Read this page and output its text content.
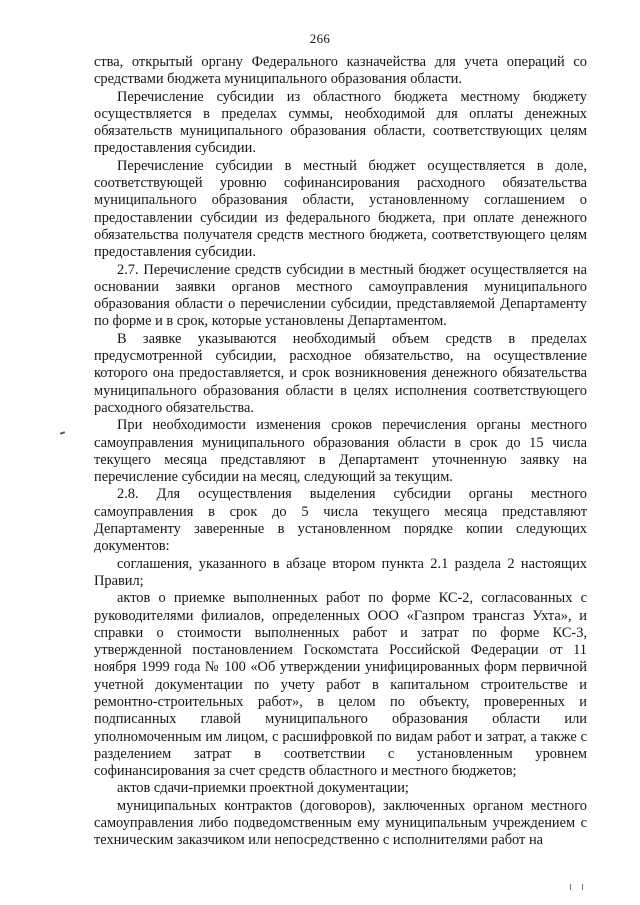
266

ства, открытый органу Федерального казначейства для учета операций со средствами бюджета муниципального образования области.

Перечисление субсидии из областного бюджета местному бюджету осуществляется в пределах суммы, необходимой для оплаты денежных обязательств муниципального образования области, соответствующих целям предоставления субсидии.

Перечисление субсидии в местный бюджет осуществляется в доле, соответствующей уровню софинансирования расходного обязательства муниципального образования области, установленному соглашением о предоставлении субсидии из федерального бюджета, при оплате денежного обязательства получателя средств местного бюджета, соответствующего целям предоставления субсидии.

2.7. Перечисление средств субсидии в местный бюджет осуществляется на основании заявки органов местного самоуправления муниципального образования области о перечислении субсидии, представляемой Департаменту по форме и в срок, которые установлены Департаментом.

В заявке указываются необходимый объем средств в пределах предусмотренной субсидии, расходное обязательство, на осуществление которого она предоставляется, и срок возникновения денежного обязательства муниципального образования области в целях исполнения соответствующего расходного обязательства.

При необходимости изменения сроков перечисления органы местного самоуправления муниципального образования области в срок до 15 числа текущего месяца представляют в Департамент уточненную заявку на перечисление субсидии на месяц, следующий за текущим.

2.8. Для осуществления выделения субсидии органы местного самоуправления в срок до 5 числа текущего месяца представляют Департаменту заверенные в установленном порядке копии следующих документов:

соглашения, указанного в абзаце втором пункта 2.1 раздела 2 настоящих Правил;

актов о приемке выполненных работ по форме КС-2, согласованных с руководителями филиалов, определенных ООО «Газпром трансгаз Ухта», и справки о стоимости выполненных работ и затрат по форме КС-3, утвержденной постановлением Госкомстата Российской Федерации от 11 ноября 1999 года № 100 «Об утверждении унифицированных форм первичной учетной документации по учету работ в капитальном строительстве и ремонтно-строительных работ», в целом по объекту, проверенных и подписанных главой муниципального образования области или уполномоченным им лицом, с расшифровкой по видам работ и затрат, а также с разделением затрат в соответствии с установленным уровнем софинансирования за счет средств областного и местного бюджетов;

актов сдачи-приемки проектной документации;

муниципальных контрактов (договоров), заключенных органом местного самоуправления либо подведомственным ему муниципальным учреждением с техническим заказчиком или непосредственно с исполнителями работ на
